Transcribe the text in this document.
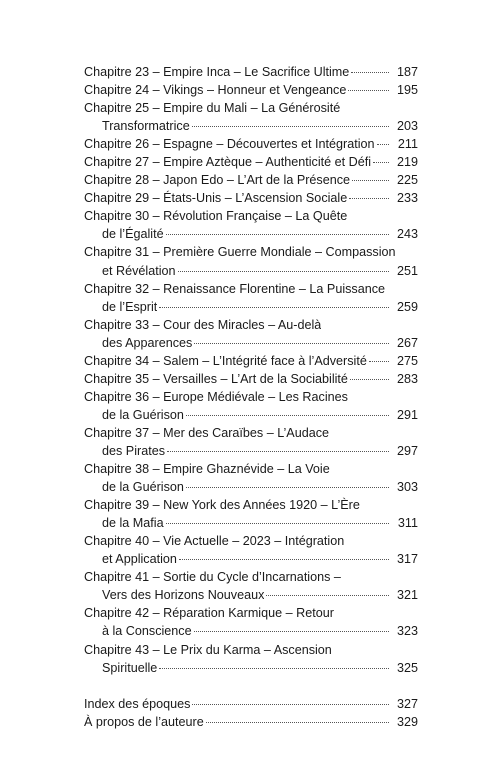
Chapitre 23 – Empire Inca – Le Sacrifice Ultime	187
Chapitre 24 – Vikings – Honneur et Vengeance	195
Chapitre 25 – Empire du Mali – La Générosité
Transformatrice	203
Chapitre 26 – Espagne – Découvertes et Intégration	211
Chapitre 27 – Empire Aztèque – Authenticité et Défi	219
Chapitre 28 – Japon Edo – L’Art de la Présence	225
Chapitre 29 – États-Unis – L’Ascension Sociale	233
Chapitre 30 – Révolution Française – La Quête
de l’Égalité	243
Chapitre 31 – Première Guerre Mondiale – Compassion
et Révélation	251
Chapitre 32 – Renaissance Florentine – La Puissance
de l’Esprit	259
Chapitre 33 – Cour des Miracles – Au-delà
des Apparences	267
Chapitre 34 – Salem – L’Intégrité face à l’Adversité	275
Chapitre 35 – Versailles – L’Art de la Sociabilité	283
Chapitre 36 – Europe Médiévale – Les Racines
de la Guérison	291
Chapitre 37 – Mer des Caraïbes – L’Audace
des Pirates	297
Chapitre 38 – Empire Ghaznévide – La Voie
de la Guérison	303
Chapitre 39 – New York des Années 1920 – L’Ère
de la Mafia	311
Chapitre 40 – Vie Actuelle – 2023 – Intégration
et Application	317
Chapitre 41 – Sortie du Cycle d’Incarnations –
Vers des Horizons Nouveaux	321
Chapitre 42 – Réparation Karmique – Retour
à la Conscience	323
Chapitre 43 – Le Prix du Karma – Ascension
Spirituelle	325
Index des époques	327
À propos de l’auteure	329
